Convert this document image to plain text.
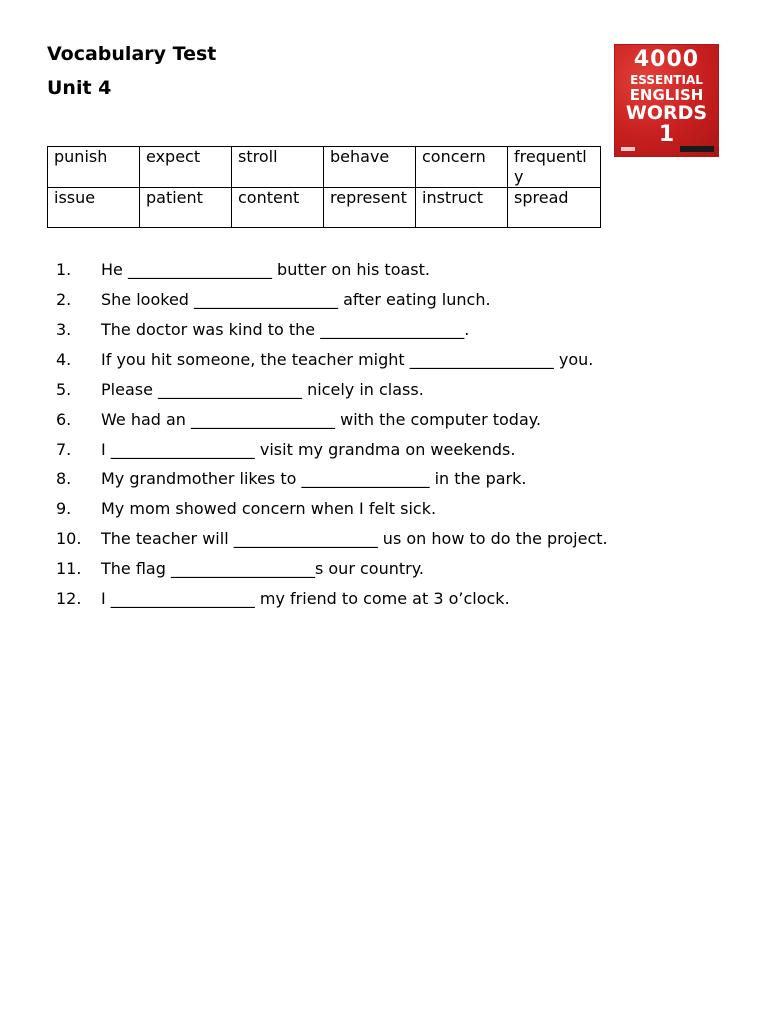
Vocabulary Test
Unit 4
4000
ESSENTIAL
ENGLISH
WORDS
1
punish	expect	stroll	behave	concern	frequently
issue	patient	content	represent	instruct	spread
1. He __________________ butter on his toast.
2. She looked __________________ after eating lunch.
3. The doctor was kind to the __________________.
4. If you hit someone, the teacher might __________________ you.
5. Please __________________ nicely in class.
6. We had an __________________ with the computer today.
7. I __________________ visit my grandma on weekends.
8. My grandmother likes to ________________ in the park.
9. My mom showed concern when I felt sick.
10. The teacher will __________________ us on how to do the project.
11. The flag __________________s our country.
12. I __________________ my friend to come at 3 o’clock.
